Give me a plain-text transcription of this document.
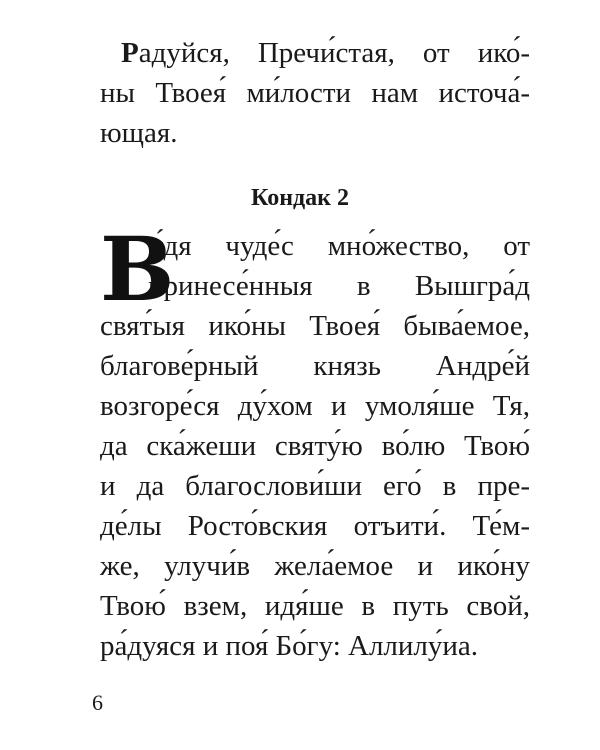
Радуйся, Пречи́стая, от ико́-
ны Твоея́ ми́лости нам источа́-
ющая.
Кондак 2
В
и́дя чуде́с мно́жество, от
принесе́нныя в Вышгра́д
свят́ыя ико́ны Твоея́ быва́емое,
благове́рный князь Андре́й
возгоре́ся ду́хом и умоля́ше Тя,
да ска́жеши святу́ю во́лю Твою́
и да благослови́ши его́ в пре-
де́лы Росто́вския отъити́. Те́м-
же, улучи́в жела́емое и ико́ну
Твою́ взем, идя́ше в путь свой,
ра́дуяся и поя́ Бо́гу: Аллилу́иа.
6
